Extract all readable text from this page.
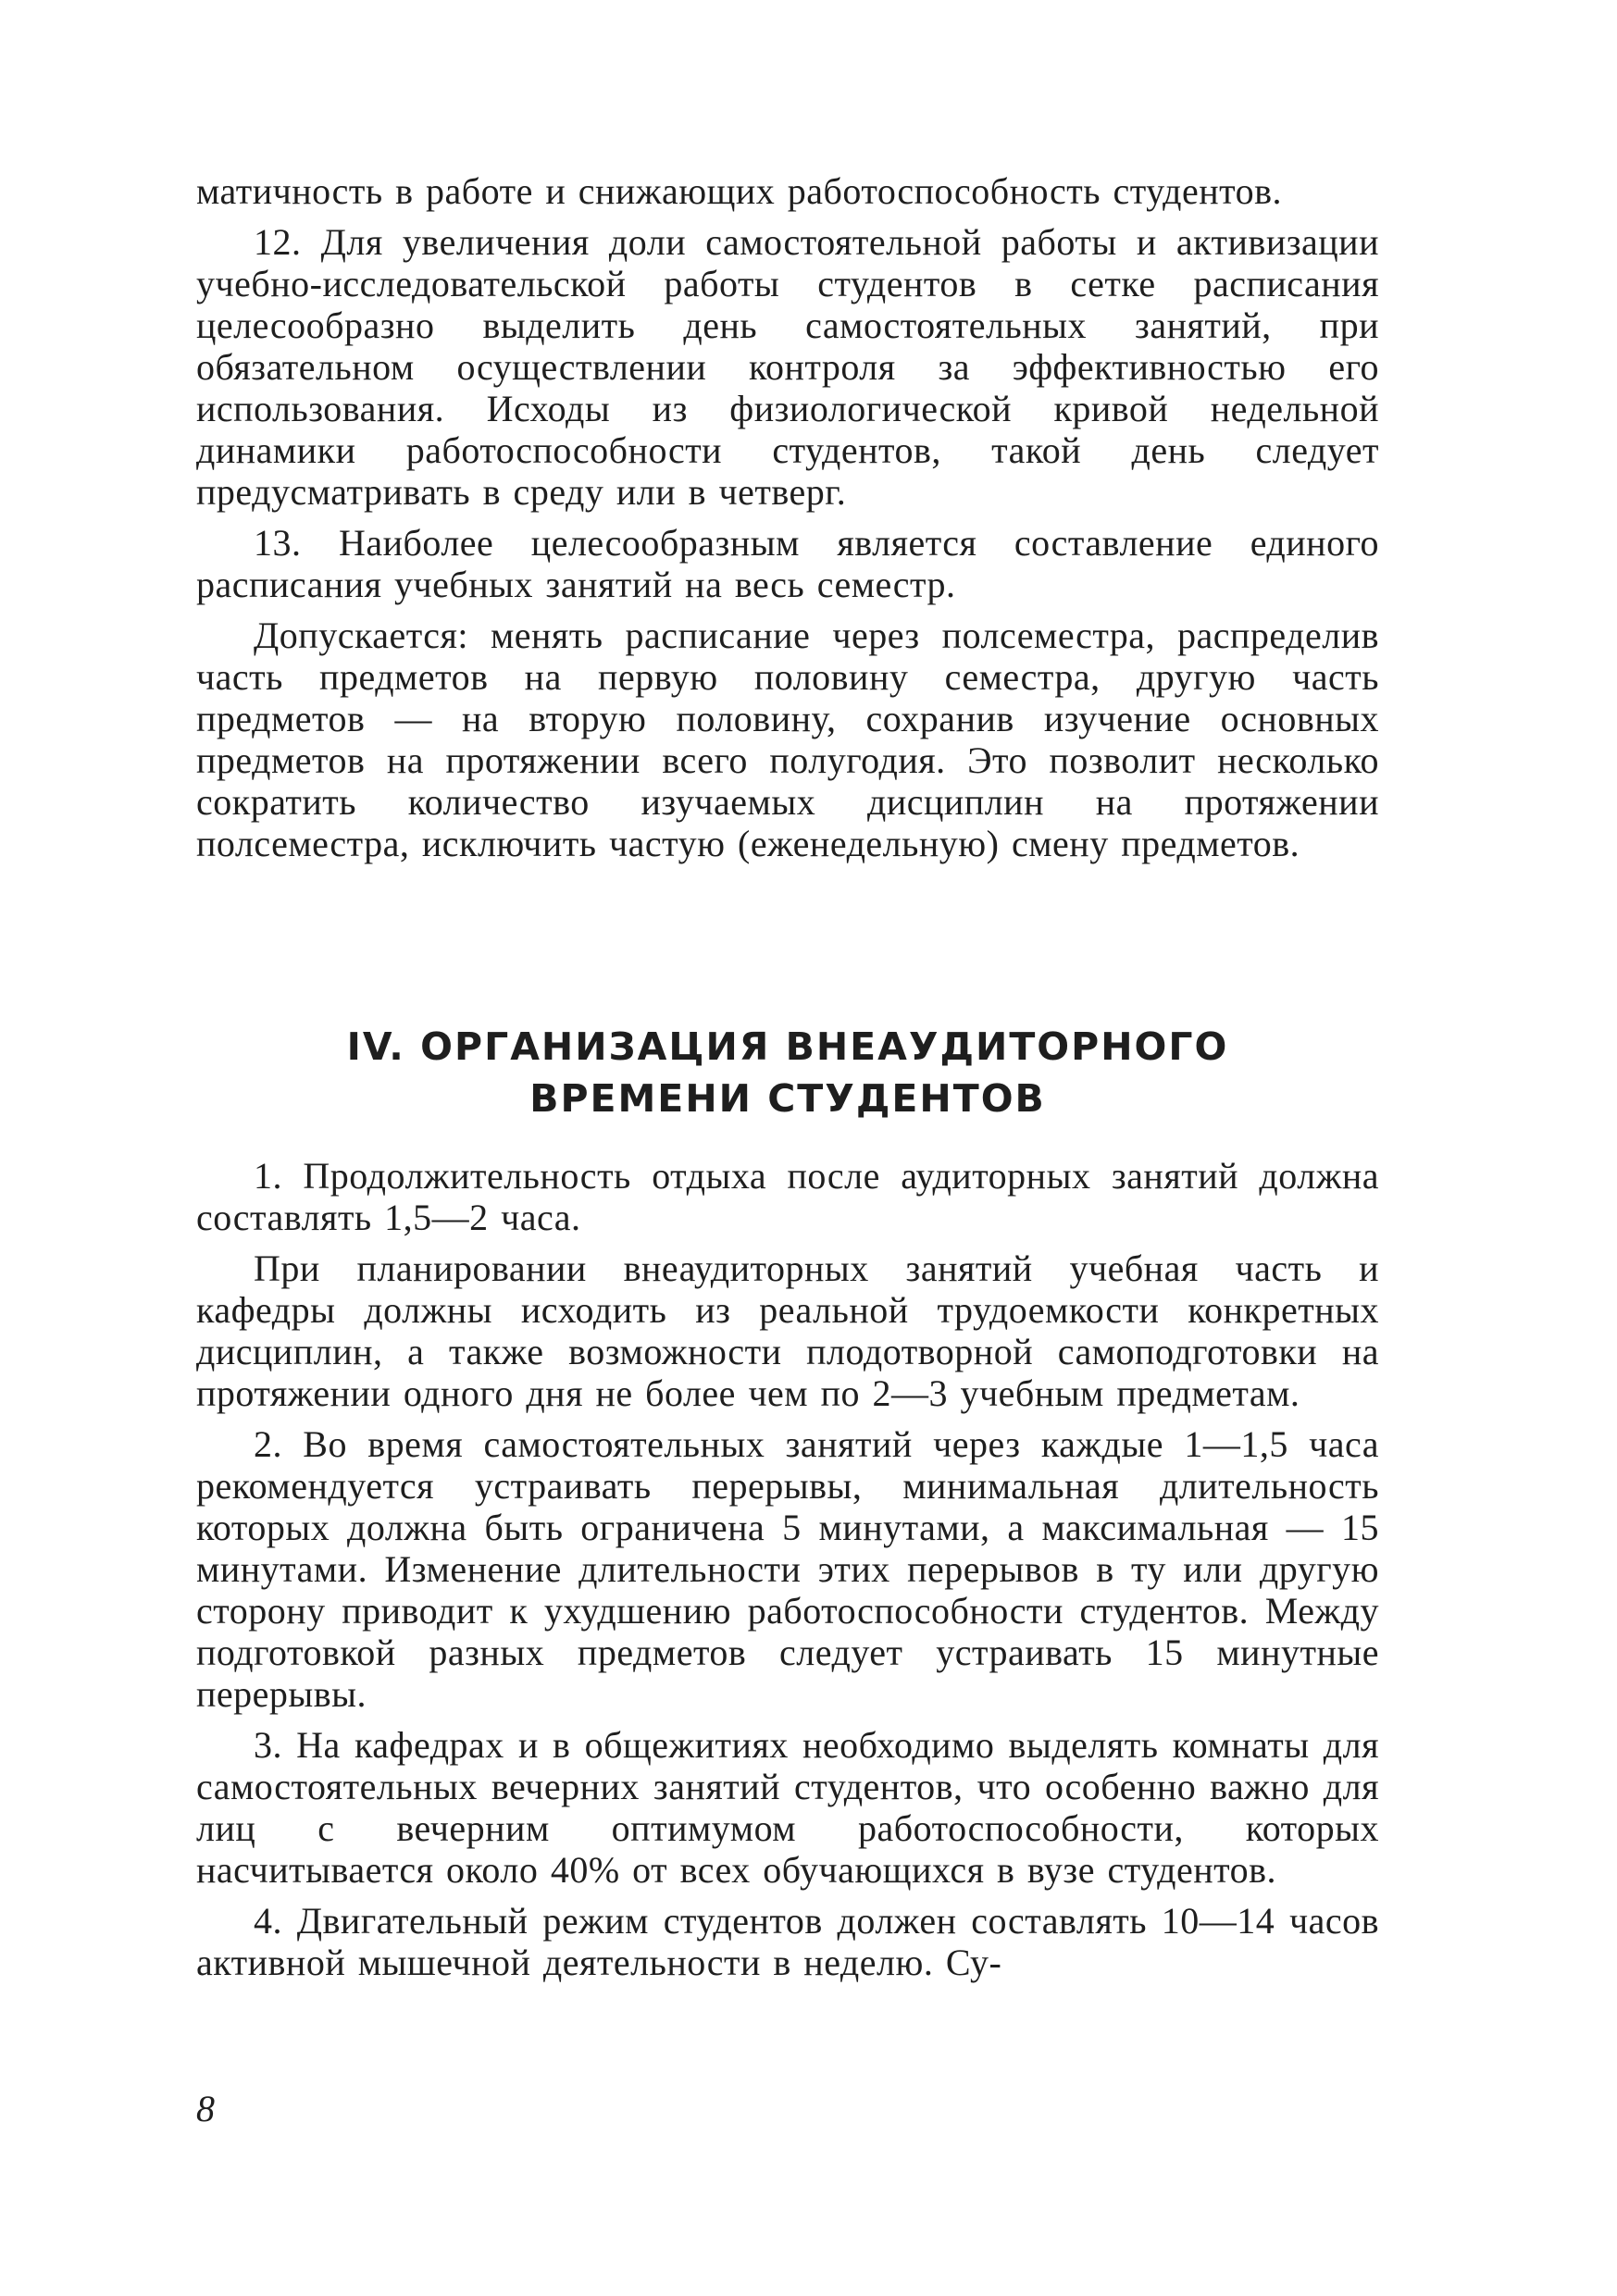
матичность в работе и снижающих работоспособность студентов.

12. Для увеличения доли самостоятельной работы и активизации учебно-исследовательской работы студентов в сетке расписания целесообразно выделить день самостоятельных занятий, при обязательном осуществлении контроля за эффективностью его использования. Исходы из физиологической кривой недельной динамики работоспособности студентов, такой день следует предусматривать в среду или в четверг.

13. Наиболее целесообразным является составление единого расписания учебных занятий на весь семестр.

Допускается: менять расписание через полсеместра, распределив часть предметов на первую половину семестра, другую часть предметов — на вторую половину, сохранив изучение основных предметов на протяжении всего полугодия. Это позволит несколько сократить количество изучаемых дисциплин на протяжении полсеместра, исключить частую (еженедельную) смену предметов.

IV. ОРГАНИЗАЦИЯ ВНЕАУДИТОРНОГО
ВРЕМЕНИ СТУДЕНТОВ

1. Продолжительность отдыха после аудиторных занятий должна составлять 1,5—2 часа.

При планировании внеаудиторных занятий учебная часть и кафедры должны исходить из реальной трудоемкости конкретных дисциплин, а также возможности плодотворной самоподготовки на протяжении одного дня не более чем по 2—3 учебным предметам.

2. Во время самостоятельных занятий через каждые 1—1,5 часа рекомендуется устраивать перерывы, минимальная длительность которых должна быть ограничена 5 минутами, а максимальная — 15 минутами. Изменение длительности этих перерывов в ту или другую сторону приводит к ухудшению работоспособности студентов. Между подготовкой разных предметов следует устраивать 15 минутные перерывы.

3. На кафедрах и в общежитиях необходимо выделять комнаты для самостоятельных вечерних занятий студентов, что особенно важно для лиц с вечерним оптимумом работоспособности, которых насчитывается около 40% от всех обучающихся в вузе студентов.

4. Двигательный режим студентов должен составлять 10—14 часов активной мышечной деятельности в неделю. Су-

8
